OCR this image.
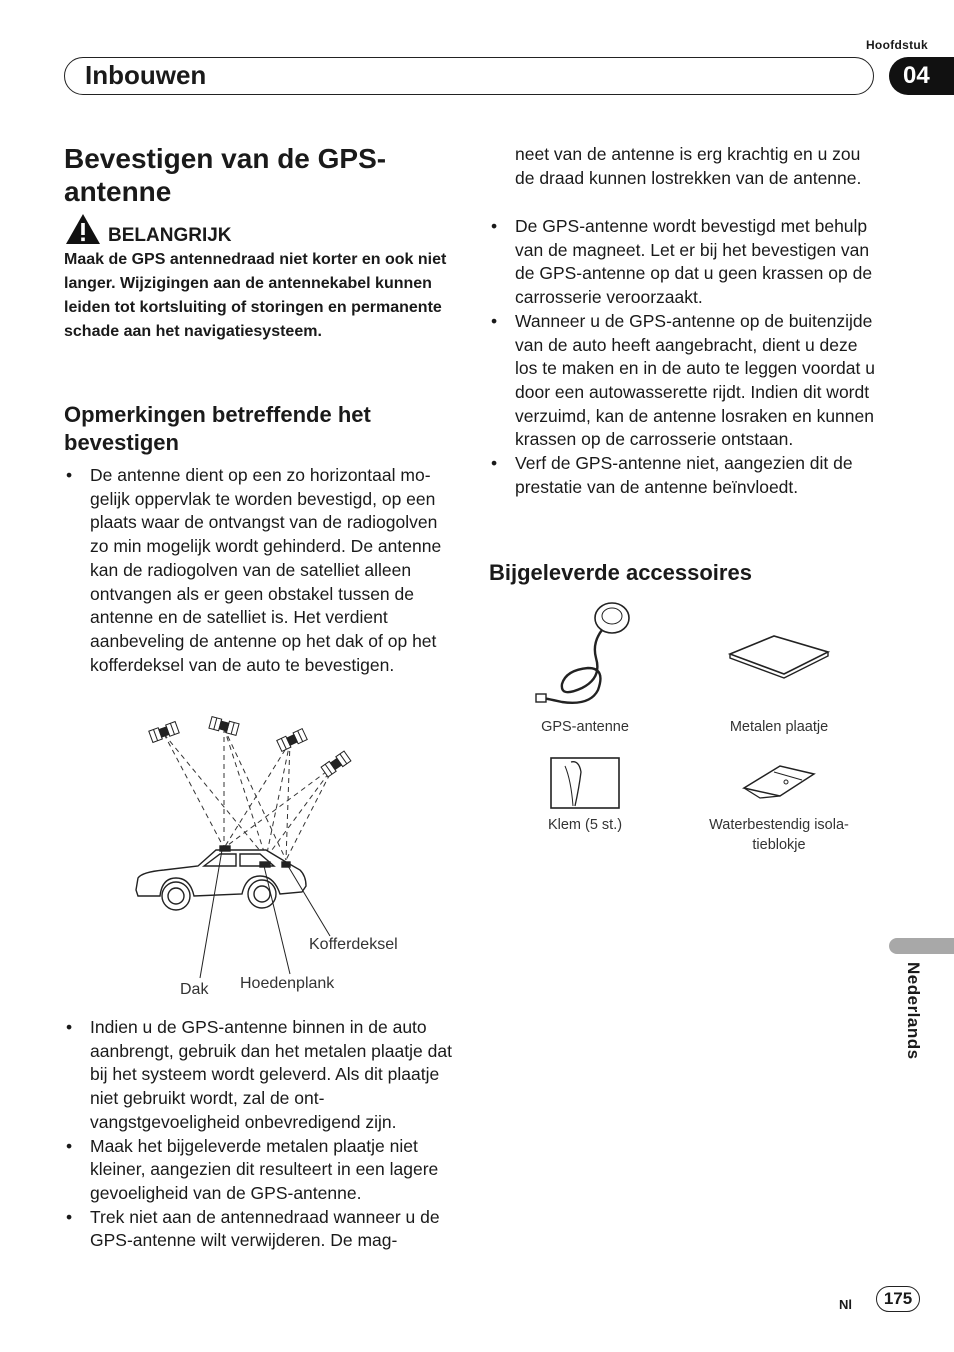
Hoofdstuk
Inbouwen	04
Nederlands
Bevestigen van de GPS-
antenne
BELANGRIJK
Maak de GPS antennedraad niet korter en ook niet langer. Wijzigingen aan de antennekabel kunnen leiden tot kortsluiting of storingen en permanente schade aan het navigatiesysteem.
Opmerkingen betreffende het
bevestigen
• De antenne dient op een zo horizontaal mogelijk oppervlak te worden bevestigd, op een plaats waar de ontvangst van de radiogolven zo min mogelijk wordt gehinderd. De antenne kan de radiogolven van de satelliet alleen ontvangen als er geen obstakel tussen de antenne en de satelliet is. Het verdient aanbeveling de antenne op het dak of op het kofferdeksel van de auto te bevestigen.
Kofferdeksel
Dak Hoedenplank
• Indien u de GPS-antenne binnen in de auto aanbrengt, gebruik dan het metalen plaatje dat bij het systeem wordt geleverd. Als dit plaatje niet gebruikt wordt, zal de ontvangstgevoeligheid onbevredigend zijn.
• Maak het bijgeleverde metalen plaatje niet kleiner, aangezien dit resulteert in een lagere gevoeligheid van de GPS-antenne.
• Trek niet aan de antennedraad wanneer u de GPS-antenne wilt verwijderen. De mag-
neet van de antenne is erg krachtig en u zou de draad kunnen lostrekken van de antenne.
• De GPS-antenne wordt bevestigd met behulp van de magneet. Let er bij het bevestigen van de GPS-antenne op dat u geen krassen op de carrosserie veroorzaakt.
• Wanneer u de GPS-antenne op de buitenzijde van de auto heeft aangebracht, dient u deze los te maken en in de auto te leggen voordat u door een autowasserette rijdt. Indien dit wordt verzuimd, kan de antenne losraken en kunnen krassen op de carrosserie ontstaan.
• Verf de GPS-antenne niet, aangezien dit de prestatie van de antenne beïnvloedt.
Bijgeleverde accessoires
GPS-antenne	Metalen plaatje
Klem (5 st.)	Waterbestendig isola-
tieblokje
Nl	175
